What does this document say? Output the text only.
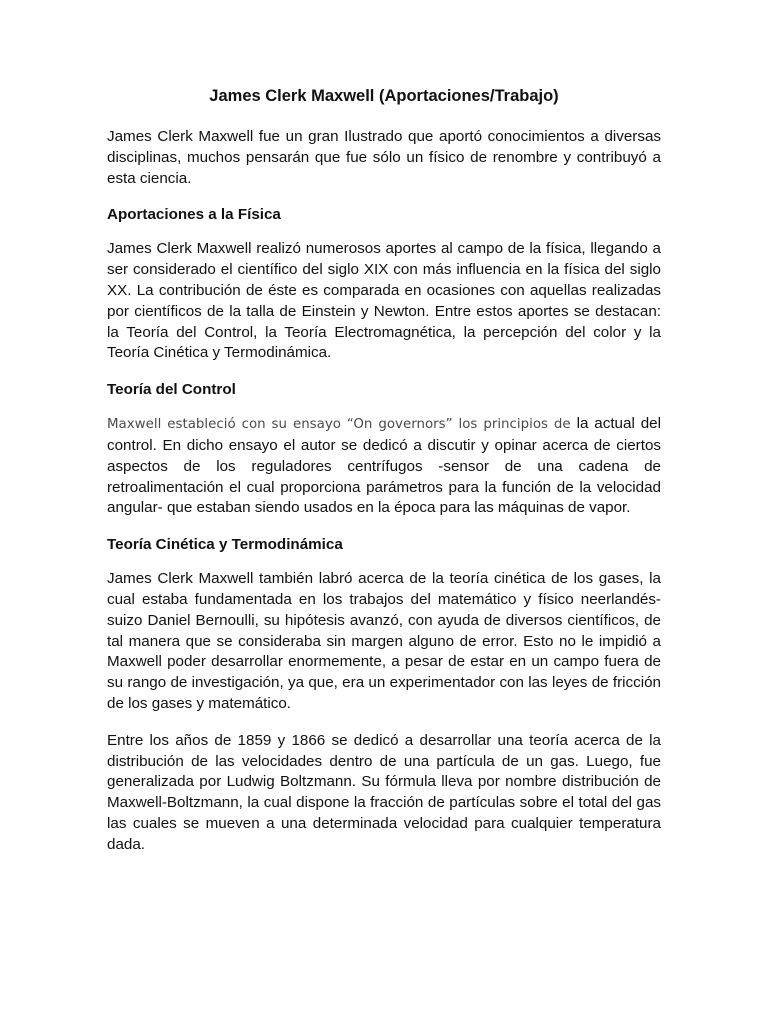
James Clerk Maxwell (Aportaciones/Trabajo)

James Clerk Maxwell fue un gran Ilustrado que aportó conocimientos a diversas disciplinas, muchos pensarán que fue sólo un físico de renombre y contribuyó a esta ciencia.

Aportaciones a la Física

James Clerk Maxwell realizó numerosos aportes al campo de la física, llegando a ser considerado el científico del siglo XIX con más influencia en la física del siglo XX. La contribución de éste es comparada en ocasiones con aquellas realizadas por científicos de la talla de Einstein y Newton. Entre estos aportes se destacan: la Teoría del Control, la Teoría Electromagnética, la percepción del color y la Teoría Cinética y Termodinámica.

Teoría del Control

Maxwell estableció con su ensayo “On governors” los principios de la actual del control. En dicho ensayo el autor se dedicó a discutir y opinar acerca de ciertos aspectos de los reguladores centrífugos -sensor de una cadena de retroalimentación el cual proporciona parámetros para la función de la velocidad angular- que estaban siendo usados en la época para las máquinas de vapor.

Teoría Cinética y Termodinámica

James Clerk Maxwell también labró acerca de la teoría cinética de los gases, la cual estaba fundamentada en los trabajos del matemático y físico neerlandés-suizo Daniel Bernoulli, su hipótesis avanzó, con ayuda de diversos científicos, de tal manera que se consideraba sin margen alguno de error. Esto no le impidió a Maxwell poder desarrollar enormemente, a pesar de estar en un campo fuera de su rango de investigación, ya que, era un experimentador con las leyes de fricción de los gases y matemático.

Entre los años de 1859 y 1866 se dedicó a desarrollar una teoría acerca de la distribución de las velocidades dentro de una partícula de un gas. Luego, fue generalizada por Ludwig Boltzmann. Su fórmula lleva por nombre distribución de Maxwell-Boltzmann, la cual dispone la fracción de partículas sobre el total del gas las cuales se mueven a una determinada velocidad para cualquier temperatura dada.
